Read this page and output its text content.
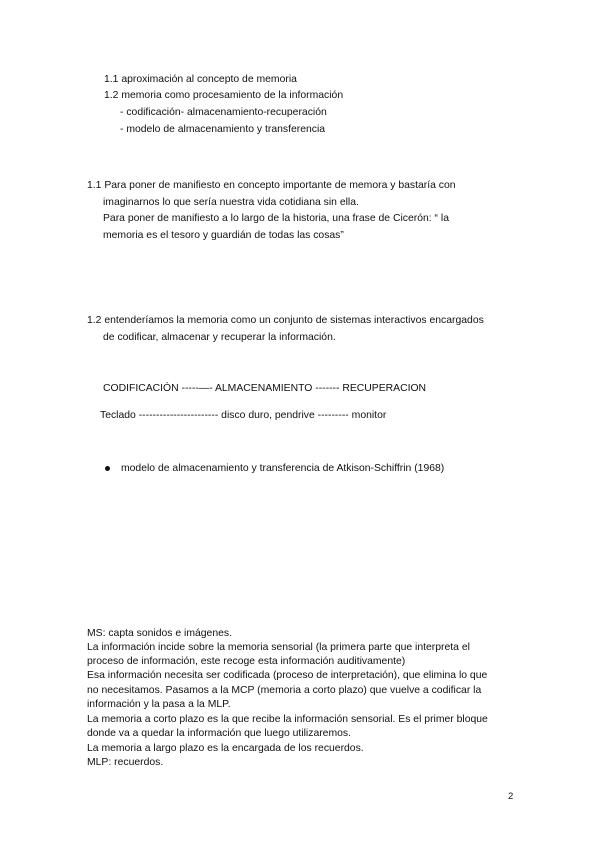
1.1 aproximación al concepto de memoria

1.2 memoria como procesamiento de la información

- codificación- almacenamiento-recuperación

- modelo de almacenamiento y transferencia

1.1 Para poner de manifiesto en concepto importante de memora y bastaría con

imaginarnos lo que sería nuestra vida cotidiana sin ella.

Para poner de manifiesto a lo largo de la historia, una frase de Cicerón: “ la

memoria es el tesoro y guardián de todas las cosas”

1.2 entenderíamos la memoria como un conjunto de sistemas interactivos encargados

de codificar, almacenar y recuperar la información.

CODIFICACIÓN -----—- ALMACENAMIENTO ------- RECUPERACION

Teclado ----------------------- disco duro, pendrive --------- monitor

modelo de almacenamiento y transferencia de Atkison-Schiffrin (1968)

MS: capta sonidos e imágenes.

La información incide sobre la memoria sensorial (la primera parte que interpreta el

proceso de información, este recoge esta información auditivamente)

Esa información necesita ser codificada (proceso de interpretación), que elimina lo que

no necesitamos. Pasamos a la MCP (memoria a corto plazo) que vuelve a codificar la

información y la pasa a la MLP.

La memoria a corto plazo es la que recibe la información sensorial. Es el primer bloque

donde va a quedar la información que luego utilizaremos.

La memoria a largo plazo es la encargada de los recuerdos.

MLP: recuerdos.

2
